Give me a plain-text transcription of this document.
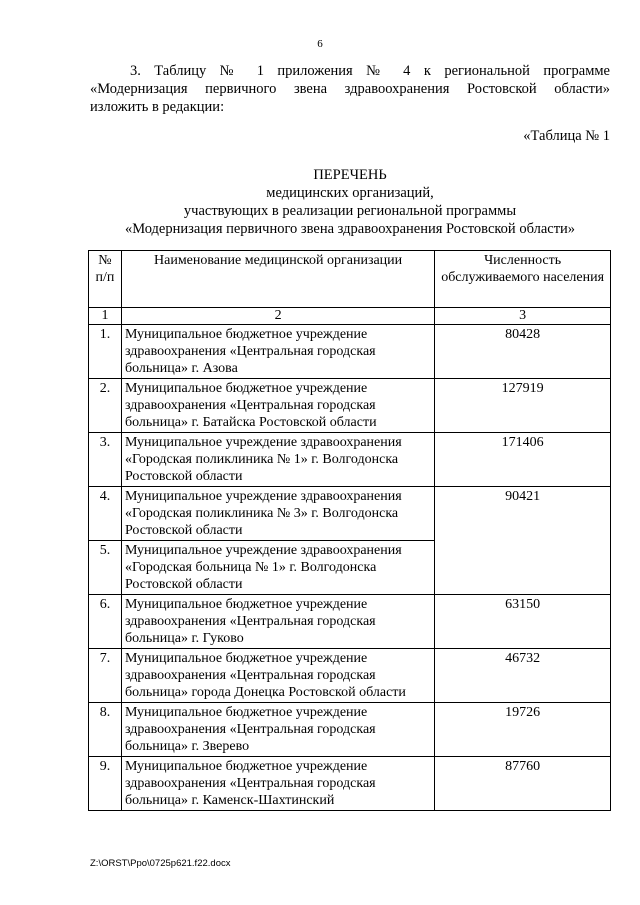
6
3. Таблицу № 1 приложения № 4 к региональной программе
«Модернизация первичного звена здравоохранения Ростовской области»
изложить в редакции:
«Таблица № 1
ПЕРЕЧЕНЬ
медицинских организаций,
участвующих в реализации региональной программы
«Модернизация первичного звена здравоохранения Ростовской области»
№ п/п	Наименование медицинской организации	Численность обслуживаемого населения
1	2	3
1.	Муниципальное бюджетное учреждение здравоохранения «Центральная городская больница» г. Азова	80428
2.	Муниципальное бюджетное учреждение здравоохранения «Центральная городская больница» г. Батайска Ростовской области	127919
3.	Муниципальное учреждение здравоохранения «Городская поликлиника № 1» г. Волгодонска Ростовской области	171406
4.	Муниципальное учреждение здравоохранения «Городская поликлиника № 3» г. Волгодонска Ростовской области	90421
5.	Муниципальное учреждение здравоохранения «Городская больница № 1» г. Волгодонска Ростовской области	
6.	Муниципальное бюджетное учреждение здравоохранения «Центральная городская больница» г. Гуково	63150
7.	Муниципальное бюджетное учреждение здравоохранения «Центральная городская больница» города Донецка Ростовской области	46732
8.	Муниципальное бюджетное учреждение здравоохранения «Центральная городская больница» г. Зверево	19726
9.	Муниципальное бюджетное учреждение здравоохранения «Центральная городская больница» г. Каменск-Шахтинский	87760
Z:\ORST\Ppo\0725p621.f22.docx
